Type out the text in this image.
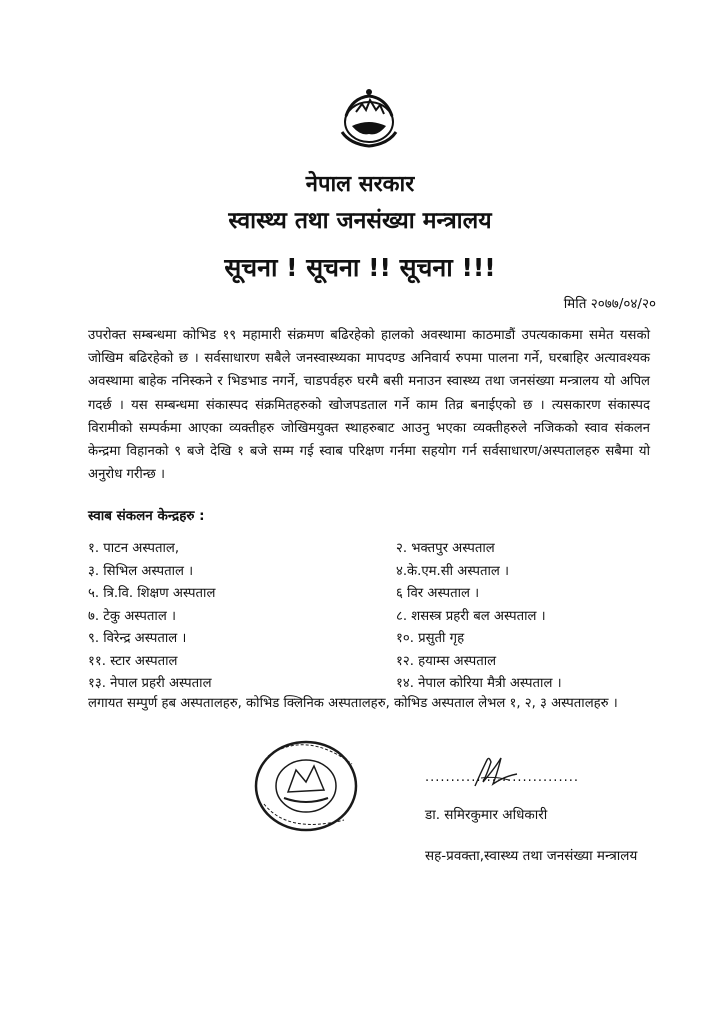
नेपाल सरकार
स्वास्थ्य तथा जनसंख्या मन्त्रालय
सूचना ! सूचना !! सूचना !!!
मिति २०७७/०४/२०
उपरोक्त सम्बन्धमा कोभिड १९ महामारी संक्रमण बढिरहेको हालको अवस्थामा काठमाडौं उपत्यकाकमा समेत यसको जोखिम बढिरहेको छ । सर्वसाधारण सबैले जनस्वास्थ्यका मापदण्ड अनिवार्य रुपमा पालना गर्ने, घरबाहिर अत्यावश्यक अवस्थामा बाहेक ननिस्कने र भिडभाड नगर्ने, चाडपर्वहरु घरमै बसी मनाउन स्वास्थ्य तथा जनसंख्या मन्त्रालय यो अपिल गदर्छ । यस सम्बन्धमा संकास्पद संक्रमितहरुको खोजपडताल गर्ने काम तिव्र बनाईएको छ । त्यसकारण संकास्पद विरामीको सम्पर्कमा आएका व्यक्तीहरु जोखिमयुक्त स्थाहरुबाट आउनु भएका व्यक्तीहरुले नजिकको स्वाव संकलन केन्द्रमा विहानको ९ बजे देखि १ बजे सम्म गई स्वाब परिक्षण गर्नमा सहयोग गर्न सर्वसाधारण/अस्पतालहरु सबैमा यो अनुरोध गरीन्छ ।
स्वाब संकलन केन्द्रहरु :
१. पाटन अस्पताल,	२. भक्तपुर अस्पताल
३. सिभिल अस्पताल ।	४.के.एम.सी अस्पताल ।
५. त्रि.वि. शिक्षण अस्पताल	६ विर अस्पताल ।
७. टेकु अस्पताल ।	८. शसस्त्र प्रहरी बल अस्पताल ।
९. विरेन्द्र अस्पताल ।	१०. प्रसुती गृह
११. स्टार अस्पताल	१२. हयाम्स अस्पताल
१३. नेपाल प्रहरी अस्पताल	१४. नेपाल कोरिया मैत्री अस्पताल ।
लगायत सम्पुर्ण हब अस्पतालहरु, कोभिड क्लिनिक अस्पतालहरु, कोभिड अस्पताल लेभल १, २, ३ अस्पतालहरु ।
..............................
डा. समिरकुमार अधिकारी
सह-प्रवक्ता,स्वास्थ्य तथा जनसंख्या मन्त्रालय
